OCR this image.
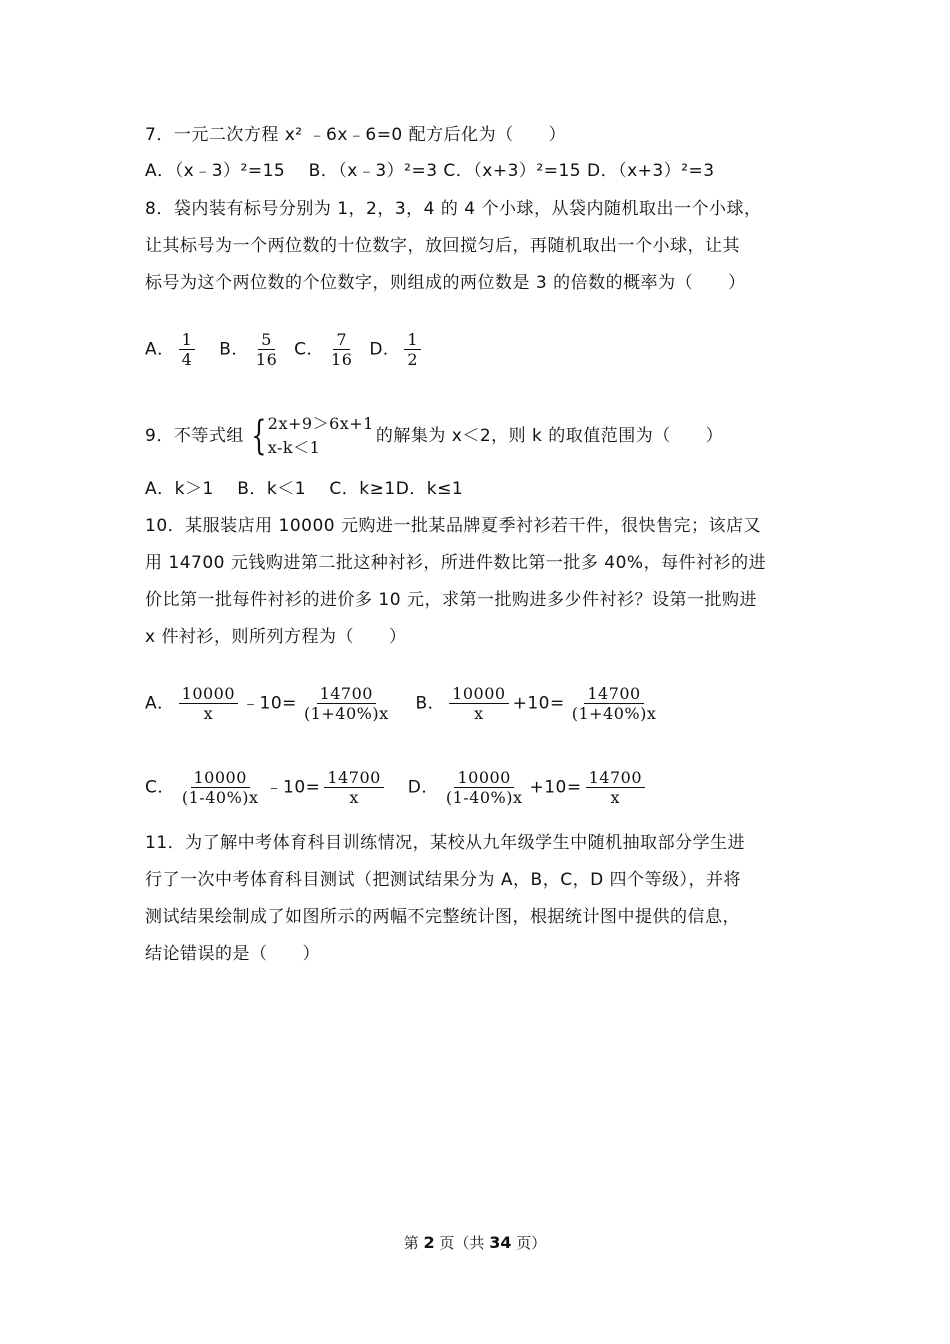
7．一元二次方程 x² ﹣6x﹣6=0 配方后化为（　　）
A．（x﹣3）²=15　 B．（x﹣3）²=3 C．（x+3）²=15 D．（x+3）²=3
8．袋内装有标号分别为 1，2，3，4 的 4 个小球，从袋内随机取出一个小球，
让其标号为一个两位数的十位数字，放回搅匀后，再随机取出一个小球，让其
标号为这个两位数的个位数字，则组成的两位数是 3 的倍数的概率为（　　）
A． $\frac{1}{4}$ B． $\frac{5}{16}$ C． $\frac{7}{16}$ D． $\frac{1}{2}$
9．不等式组 { 2x+9＞6x+1
x-k＜1
的解集为 x＜2，则 k 的取值范围为（　　）
A．k＞1　 B．k＜1　 C．k≥1D．k≤1
10．某服装店用 10000 元购进一批某品牌夏季衬衫若干件，很快售完；该店又
用 14700 元钱购进第二批这种衬衫，所进件数比第一批多 40%，每件衬衫的进
价比第一批每件衬衫的进价多 10 元，求第一批购进多少件衬衫？设第一批购进
x 件衬衫，则所列方程为（　　）
A． $\frac{10000}{x}$ ﹣10= $\frac{14700}{(1+40\%)x}$ B． $\frac{10000}{x} +10= \frac{14700}{(1+40\%)x}$
C． $\frac{10000}{(1-40\%)x}$ ﹣10= $\frac{14700}{x}$ D． $\frac{10000}{(1-40\%)x} +10= \frac{14700}{x}$
11．为了解中考体育科目训练情况，某校从九年级学生中随机抽取部分学生进
行了一次中考体育科目测试（把测试结果分为 A，B，C，D 四个等级），并将
测试结果绘制成了如图所示的两幅不完整统计图，根据统计图中提供的信息，
结论错误的是（　　）
第 2 页（共 34 页）
